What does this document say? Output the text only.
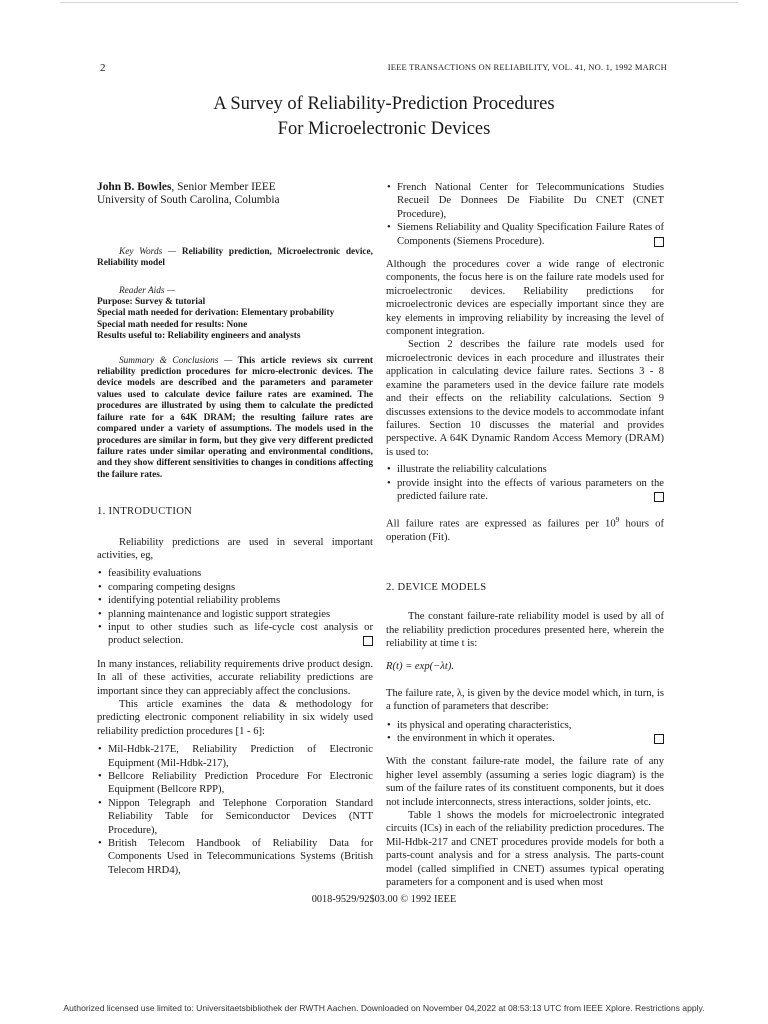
2	IEEE TRANSACTIONS ON RELIABILITY, VOL. 41, NO. 1, 1992 MARCH
A Survey of Reliability-Prediction Procedures
For Microelectronic Devices

John B. Bowles, Senior Member IEEE

University of South Carolina, Columbia

Key Words — Reliability prediction, Microelectronic device, Reliability model

Reader Aids —

Purpose: Survey & tutorial

Special math needed for derivation: Elementary probability

Special math needed for results: None

Results useful to: Reliability engineers and analysts

Summary & Conclusions — This article reviews six current reliability prediction procedures for micro-electronic devices. The device models are described and the parameters and parameter values used to calculate device failure rates are examined. The procedures are illustrated by using them to calculate the predicted failure rate for a 64K DRAM; the resulting failure rates are compared under a variety of assumptions. The models used in the procedures are similar in form, but they give very different predicted failure rates under similar operating and environmental conditions, and they show different sensitivities to changes in conditions affecting the failure rates.

1. INTRODUCTION

Reliability predictions are used in several important activities, eg,

• feasibility evaluations
• comparing competing designs
• identifying potential reliability problems
• planning maintenance and logistic support strategies
• input to other studies such as life-cycle cost analysis or product selection.

In many instances, reliability requirements drive product design. In all of these activities, accurate reliability predictions are important since they can appreciably affect the conclusions.

This article examines the data & methodology for predicting electronic component reliability in six widely used reliability prediction procedures [1 - 6]:

• Mil-Hdbk-217E, Reliability Prediction of Electronic Equipment (Mil-Hdbk-217),
• Bellcore Reliability Prediction Procedure For Electronic Equipment (Bellcore RPP),
• Nippon Telegraph and Telephone Corporation Standard Reliability Table for Semiconductor Devices (NTT Procedure),
• British Telecom Handbook of Reliability Data for Components Used in Telecommunications Systems (British Telecom HRD4),
• French National Center for Telecommunications Studies Recueil De Donnees De Fiabilite Du CNET (CNET Procedure),
• Siemens Reliability and Quality Specification Failure Rates of Components (Siemens Procedure).

Although the procedures cover a wide range of electronic components, the focus here is on the failure rate models used for microelectronic devices. Reliability predictions for microelectronic devices are especially important since they are key elements in improving reliability by increasing the level of component integration.

Section 2 describes the failure rate models used for microelectronic devices in each procedure and illustrates their application in calculating device failure rates. Sections 3 - 8 examine the parameters used in the device failure rate models and their effects on the reliability calculations. Section 9 discusses extensions to the device models to accommodate infant failures. Section 10 discusses the material and provides perspective. A 64K Dynamic Random Access Memory (DRAM) is used to:

• illustrate the reliability calculations
• provide insight into the effects of various parameters on the predicted failure rate.

All failure rates are expressed as failures per $10^9$ hours of operation (Fit).

2. DEVICE MODELS

The constant failure-rate reliability model is used by all of the reliability prediction procedures presented here, wherein the reliability at time t is:

R(t) = exp(−λt).

The failure rate, λ, is given by the device model which, in turn, is a function of parameters that describe:

• its physical and operating characteristics,
• the environment in which it operates.

With the constant failure-rate model, the failure rate of any higher level assembly (assuming a series logic diagram) is the sum of the failure rates of its constituent components, but it does not include interconnects, stress interactions, solder joints, etc.

Table 1 shows the models for microelectronic integrated circuits (ICs) in each of the reliability prediction procedures. The Mil-Hdbk-217 and CNET procedures provide models for both a parts-count analysis and for a stress analysis. The parts-count model (called simplified in CNET) assumes typical operating parameters for a component and is used when most

0018-9529/92$03.00 © 1992 IEEE
Authorized licensed use limited to: Universitaetsbibliothek der RWTH Aachen. Downloaded on November 04,2022 at 08:53:13 UTC from IEEE Xplore. Restrictions apply.
